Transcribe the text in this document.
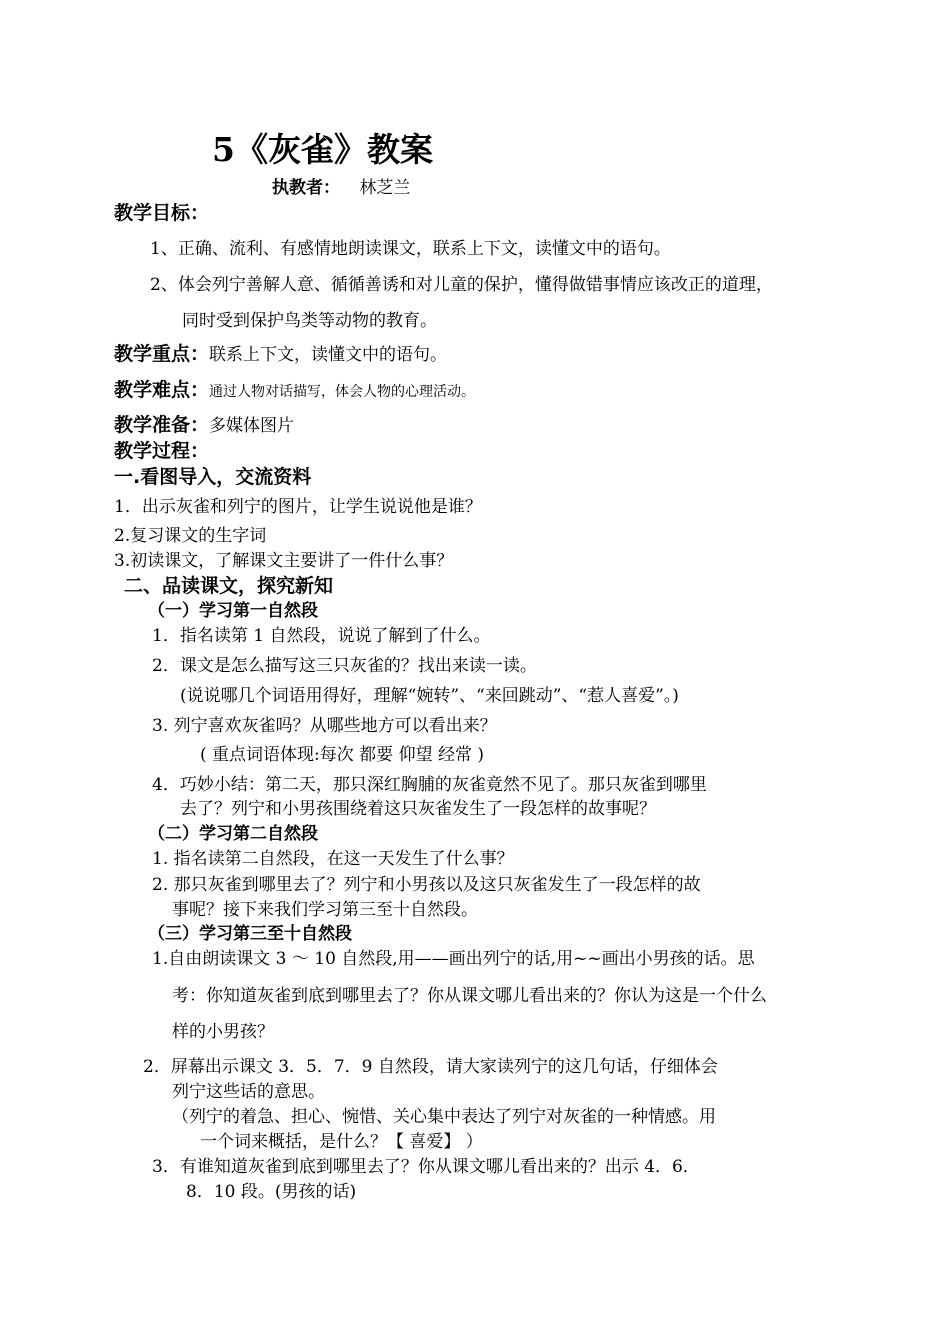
5《灰雀》教案
执教者： 林芝兰
教学目标：
1、正确、流利、有感情地朗读课文，联系上下文，读懂文中的语句。
2、体会列宁善解人意、循循善诱和对儿童的保护，懂得做错事情应该改正的道理，
同时受到保护鸟类等动物的教育。
教学重点：联系上下文，读懂文中的语句。
教学难点：通过人物对话描写，体会人物的心理活动。
教学准备：多媒体图片
教学过程：
一.看图导入，交流资料
1．出示灰雀和列宁的图片，让学生说说他是谁？
2.复习课文的生字词
3.初读课文，了解课文主要讲了一件什么事？
二、品读课文，探究新知
（一）学习第一自然段
1．指名读第 1 自然段，说说了解到了什么。
2．课文是怎么描写这三只灰雀的？找出来读一读。
(说说哪几个词语用得好，理解“婉转”、“来回跳动”、“惹人喜爱”。)
3. 列宁喜欢灰雀吗？从哪些地方可以看出来？
( 重点词语体现:每次 都要 仰望 经常 )
4．巧妙小结：第二天，那只深红胸脯的灰雀竟然不见了。那只灰雀到哪里
去了？列宁和小男孩围绕着这只灰雀发生了一段怎样的故事呢？
（二）学习第二自然段
1. 指名读第二自然段，在这一天发生了什么事？
2. 那只灰雀到哪里去了？列宁和小男孩以及这只灰雀发生了一段怎样的故
事呢？接下来我们学习第三至十自然段。
（三）学习第三至十自然段
1.自由朗读课文 3 ～ 10 自然段,用——画出列宁的话,用~~画出小男孩的话。思
考：你知道灰雀到底到哪里去了？你从课文哪儿看出来的？你认为这是一个什么
样的小男孩？
2．屏幕出示课文 3．5．7．9 自然段，请大家读列宁的这几句话，仔细体会
列宁这些话的意思。
（列宁的着急、担心、惋惜、关心集中表达了列宁对灰雀的一种情感。用
一个词来概括，是什么？【 喜爱】 ）
3．有谁知道灰雀到底到哪里去了？你从课文哪儿看出来的？出示 4．6．
8．10 段。(男孩的话)
